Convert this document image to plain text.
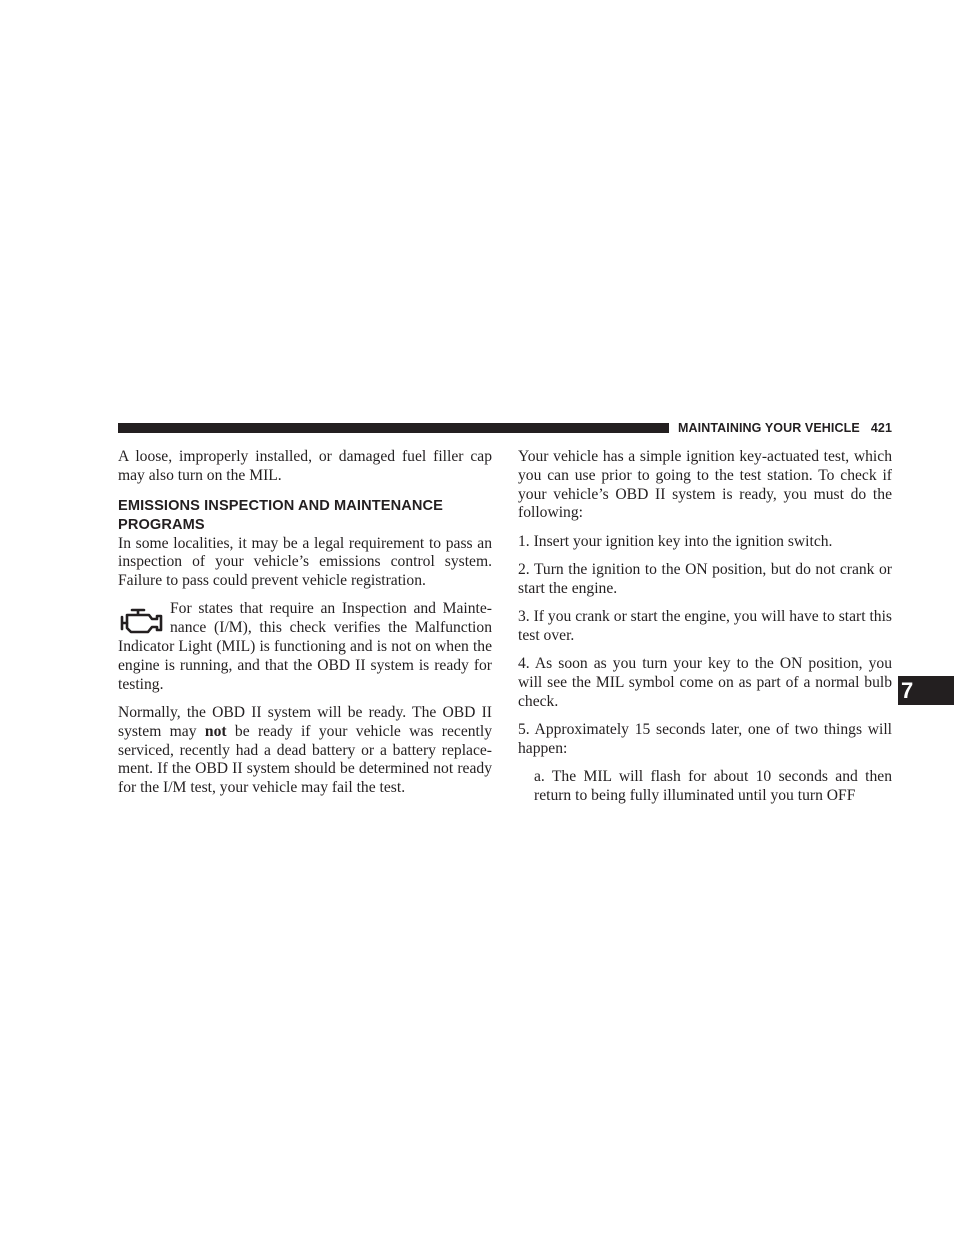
MAINTAINING YOUR VEHICLE 421

A loose, improperly installed, or damaged fuel filler cap may also turn on the MIL.

EMISSIONS INSPECTION AND MAINTENANCE
PROGRAMS

In some localities, it may be a legal requirement to pass an inspection of your vehicle’s emissions control system. Failure to pass could prevent vehicle registration.

For states that require an Inspection and Mainte-nance (I/M), this check verifies the Malfunction Indicator Light (MIL) is functioning and is not on when the engine is running, and that the OBD II system is ready for testing.

Normally, the OBD II system will be ready. The OBD II system may not be ready if your vehicle was recently serviced, recently had a dead battery or a battery replace-ment. If the OBD II system should be determined not ready for the I/M test, your vehicle may fail the test.

Your vehicle has a simple ignition key-actuated test, which you can use prior to going to the test station. To check if your vehicle’s OBD II system is ready, you must do the following:

1. Insert your ignition key into the ignition switch.

2. Turn the ignition to the ON position, but do not crank or start the engine.

3. If you crank or start the engine, you will have to start this test over.

4. As soon as you turn your key to the ON position, you will see the MIL symbol come on as part of a normal bulb check.

5. Approximately 15 seconds later, one of two things will happen:

a. The MIL will flash for about 10 seconds and then return to being fully illuminated until you turn OFF

7
